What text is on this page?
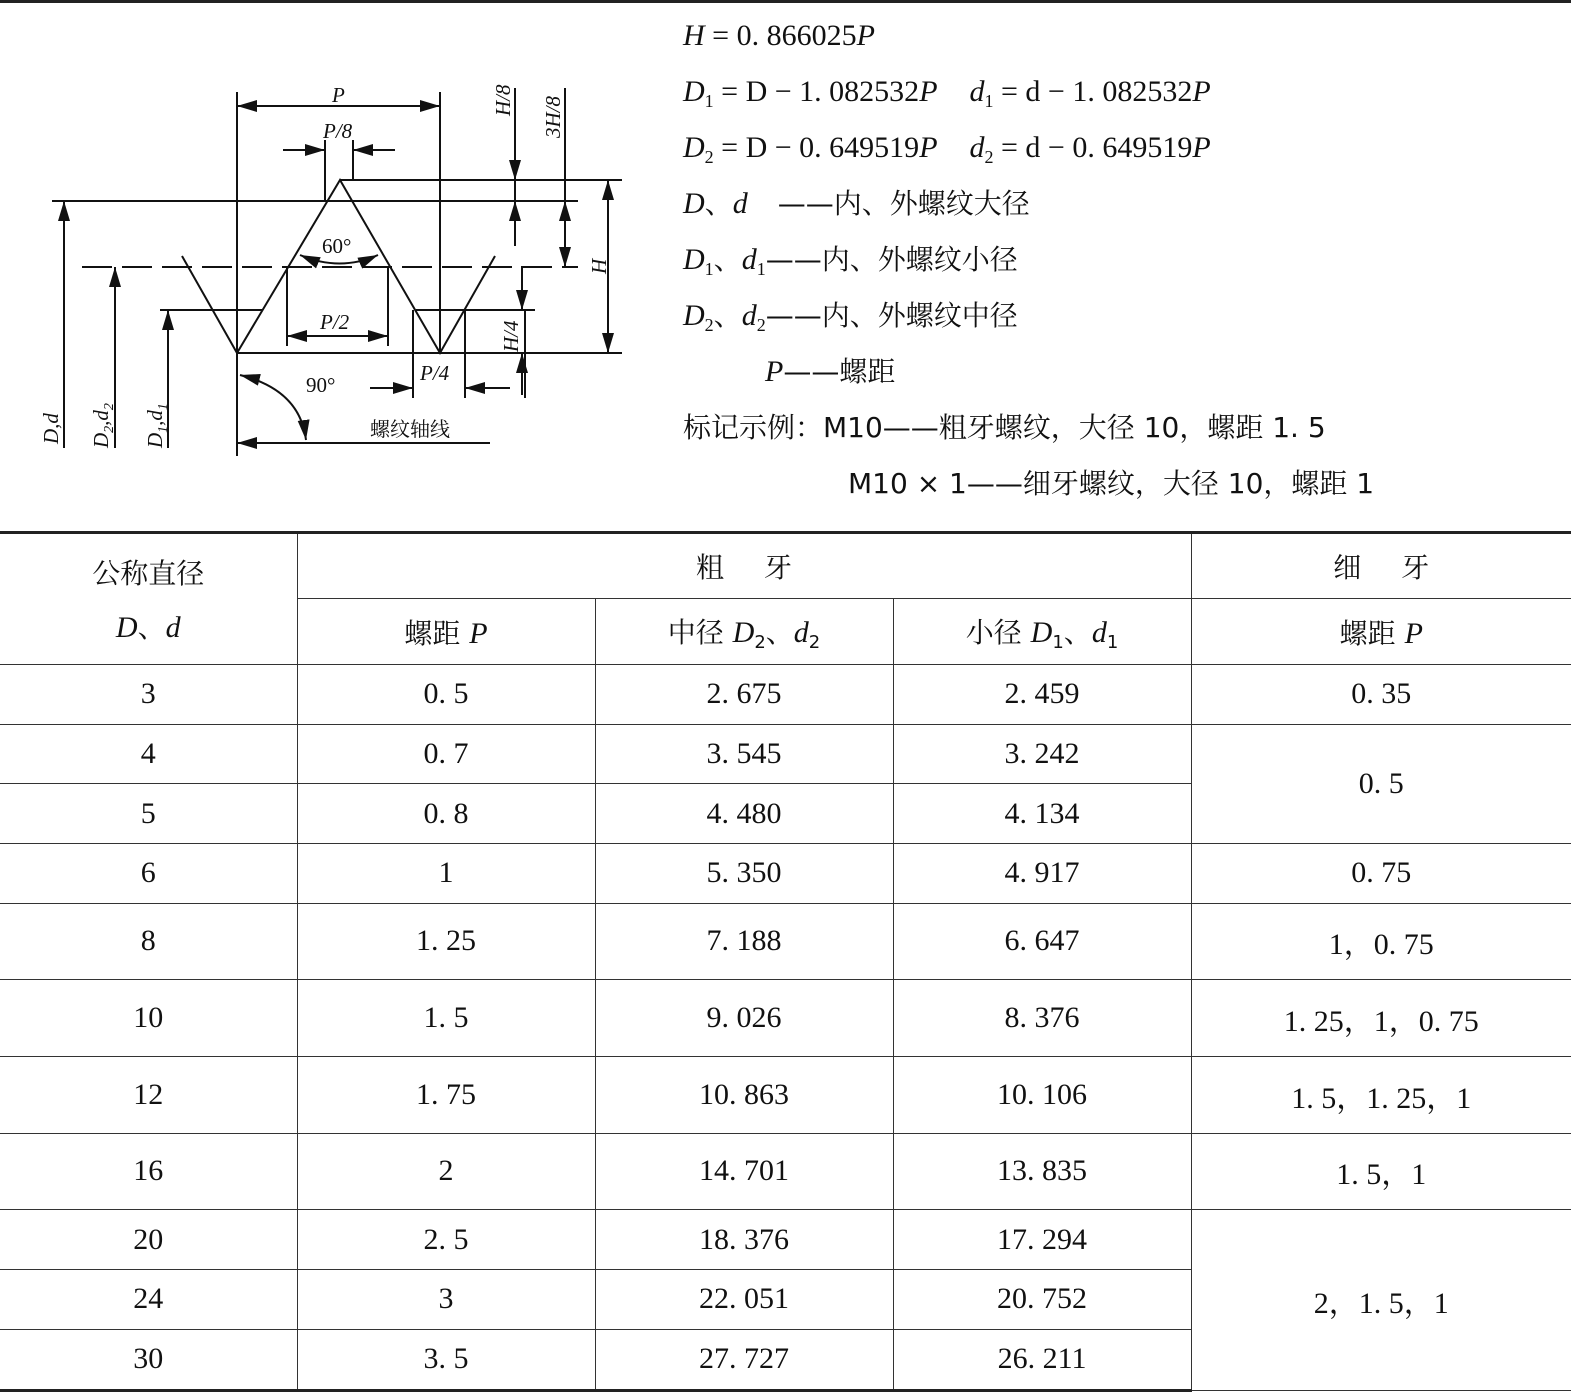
P
P/8
60°
P/2
P/4
90°
螺纹轴线
H/8 3H/8
H
H/4
D,d $D_2,d_2$
$D_1,d_1$
H = 0. 866025P
$D_1 = D - 1$. 082532P $d_1 = d - 1$. 082532P
$D_2 = D - 0$. 649519P $d_2 = d - 0$. 649519P
D、d ——内、外螺纹大径
$D_1$、$d_1——$内、外螺纹小径
$D_2$、$d_2——$内、外螺纹中径
P——螺距
标记示例：M10——粗牙螺纹，大径 10，螺距 1. 5
M10 × 1——细牙螺纹，大径 10，螺距 1
公称直径
D、d	粗牙			细牙
	螺距 P	中径 $D_2$、$d_2$	小径 $D_1$、$d_1$	螺距 P
3	0. 5	2. 675	2. 459	0. 35
4	0. 7	3. 545	3. 242	0. 5
5	0. 8	4. 480	4. 134	
6	1	5. 350	4. 917	0. 75
8	1. 25	7. 188	6. 647	1，0. 75
10	1. 5	9. 026	8. 376	1. 25，1，0. 75
12	1. 75	10. 863	10. 106	1. 5，1. 25，1
16	2	14. 701	13. 835	1. 5，1
20	2. 5	18. 376	17. 294	2，1. 5，1
24	3	22. 051	20. 752	
30	3. 5	27. 727	26. 211	
